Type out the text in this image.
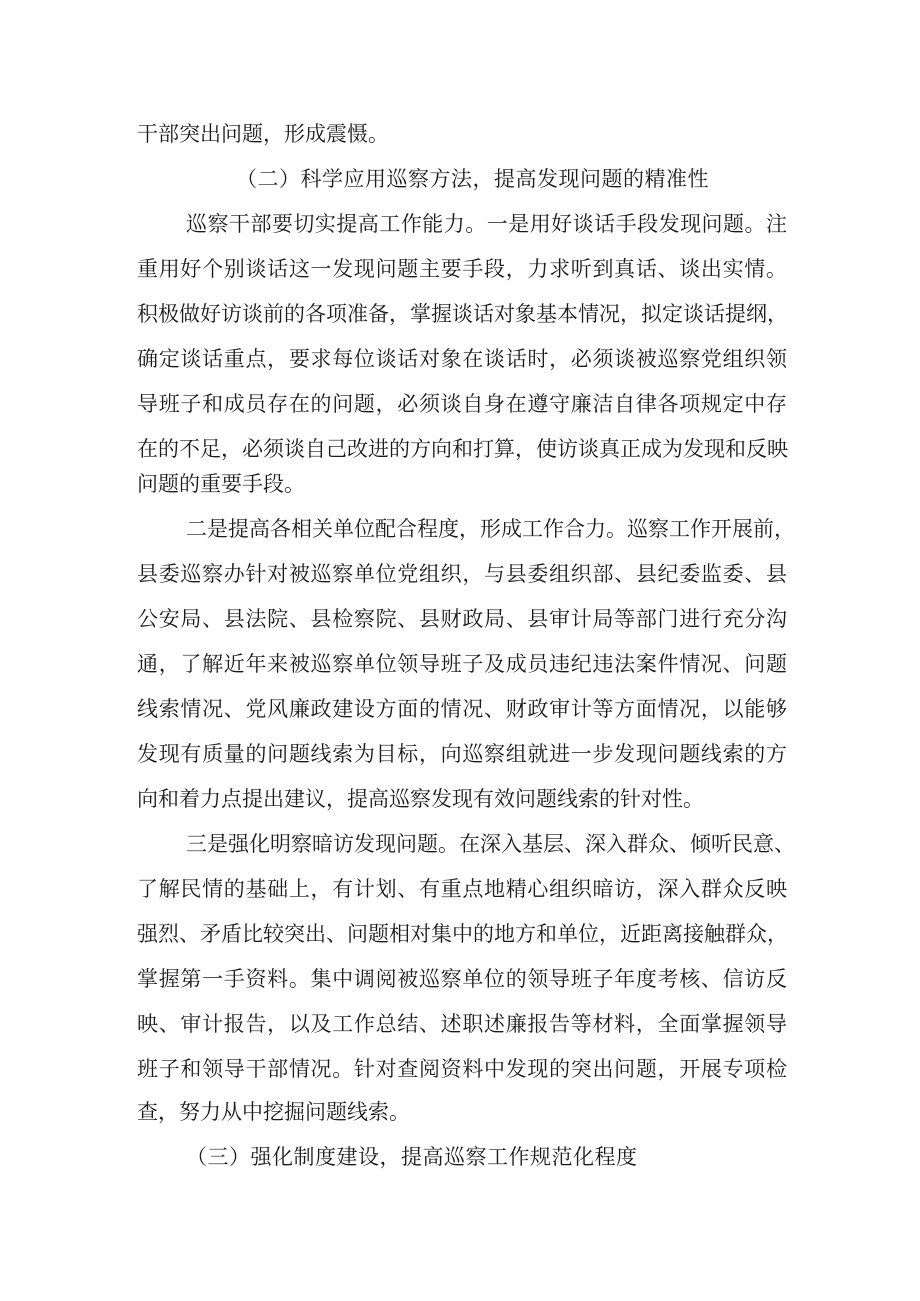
干部突出问题，形成震慑。
（二）科学应用巡察方法，提高发现问题的精准性
巡察干部要切实提高工作能力。一是用好谈话手段发现问题。注
重用好个别谈话这一发现问题主要手段，力求听到真话、谈出实情。
积极做好访谈前的各项准备，掌握谈话对象基本情况，拟定谈话提纲，
确定谈话重点，要求每位谈话对象在谈话时，必须谈被巡察党组织领
导班子和成员存在的问题，必须谈自身在遵守廉洁自律各项规定中存
在的不足，必须谈自己改进的方向和打算，使访谈真正成为发现和反映
问题的重要手段。
二是提高各相关单位配合程度，形成工作合力。巡察工作开展前，
县委巡察办针对被巡察单位党组织，与县委组织部、县纪委监委、县
公安局、县法院、县检察院、县财政局、县审计局等部门进行充分沟
通，了解近年来被巡察单位领导班子及成员违纪违法案件情况、问题
线索情况、党风廉政建设方面的情况、财政审计等方面情况，以能够
发现有质量的问题线索为目标，向巡察组就进一步发现问题线索的方
向和着力点提出建议，提高巡察发现有效问题线索的针对性。
三是强化明察暗访发现问题。在深入基层、深入群众、倾听民意、
了解民情的基础上，有计划、有重点地精心组织暗访，深入群众反映
强烈、矛盾比较突出、问题相对集中的地方和单位，近距离接触群众，
掌握第一手资料。集中调阅被巡察单位的领导班子年度考核、信访反
映、审计报告，以及工作总结、述职述廉报告等材料，全面掌握领导
班子和领导干部情况。针对查阅资料中发现的突出问题，开展专项检
查，努力从中挖掘问题线索。
（三）强化制度建设，提高巡察工作规范化程度
